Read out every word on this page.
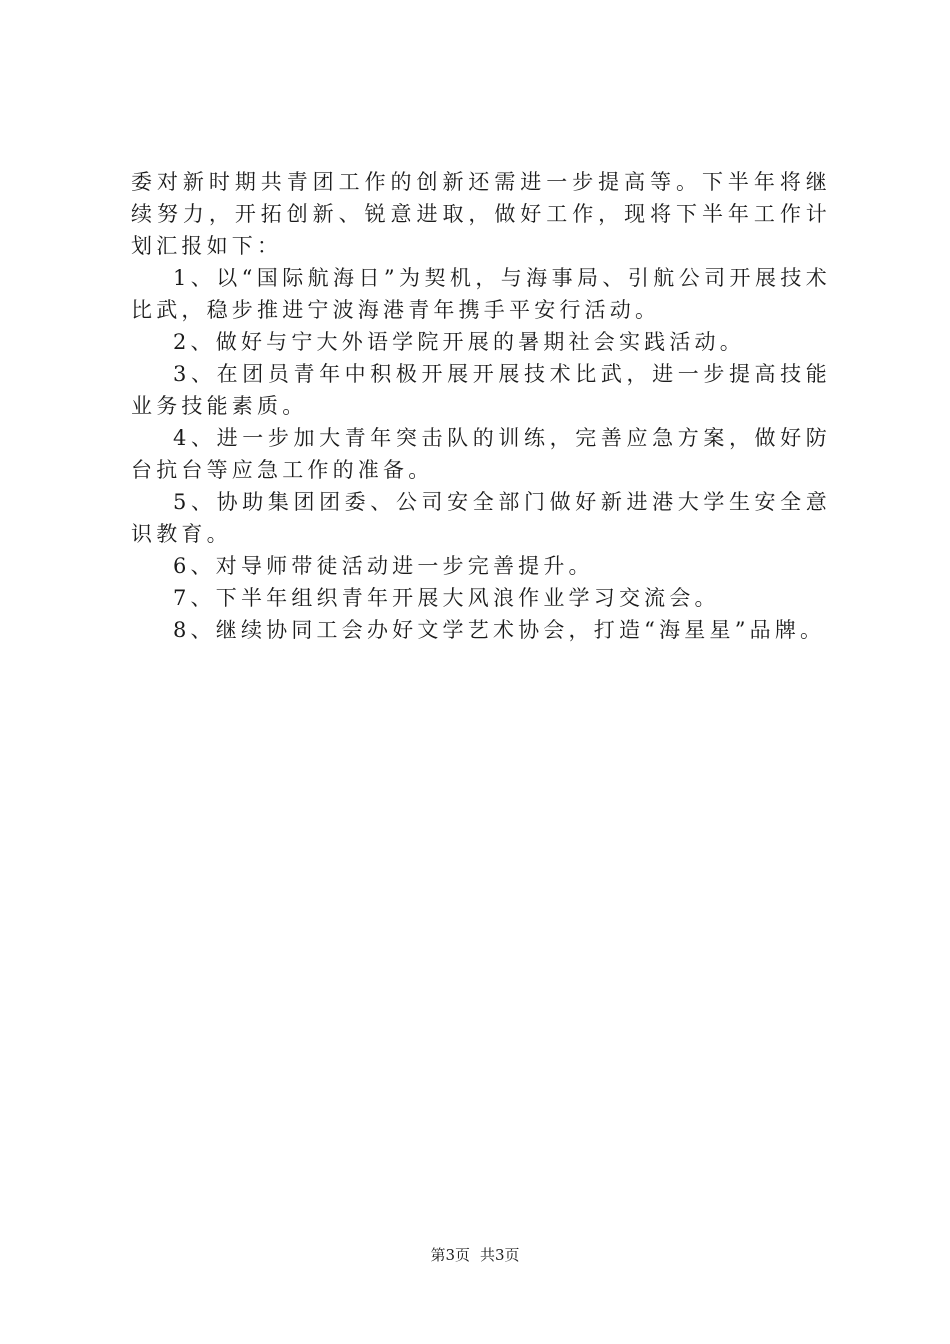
委对新时期共青团工作的创新还需进一步提高等。下半年将继续努力，开拓创新、锐意进取，做好工作，现将下半年工作计划汇报如下：

1、以“国际航海日”为契机，与海事局、引航公司开展技术比武，稳步推进宁波海港青年携手平安行活动。

2、做好与宁大外语学院开展的暑期社会实践活动。

3、在团员青年中积极开展开展技术比武，进一步提高技能业务技能素质。

4、进一步加大青年突击队的训练，完善应急方案，做好防台抗台等应急工作的准备。

5、协助集团团委、公司安全部门做好新进港大学生安全意识教育。

6、对导师带徒活动进一步完善提升。

7、下半年组织青年开展大风浪作业学习交流会。

8、继续协同工会办好文学艺术协会，打造“海星星”品牌。

第3页 共3页
